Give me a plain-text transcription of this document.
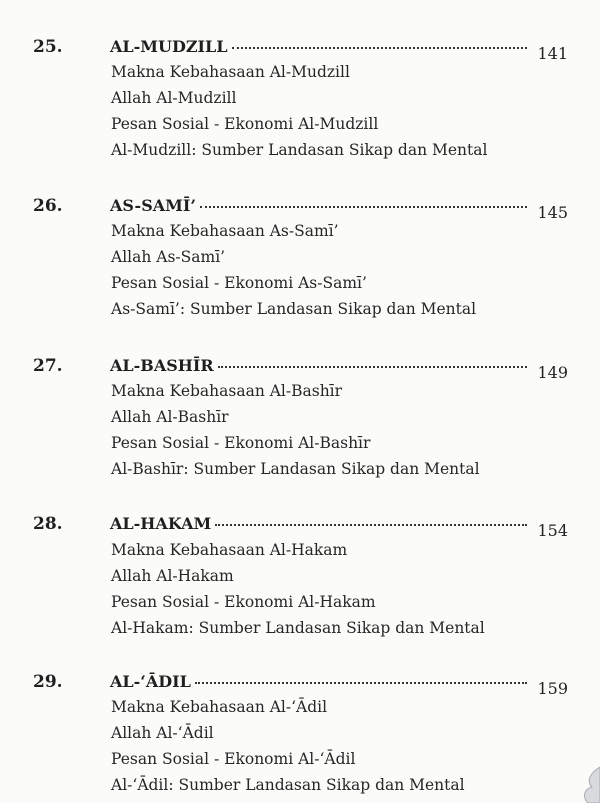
25.	AL-MUDZILL	141
Makna Kebahasaan Al-Mudzill
Allah Al-Mudzill
Pesan Sosial - Ekonomi Al-Mudzill
Al-Mudzill: Sumber Landasan Sikap dan Mental
26.	AS-SAMĪ’	145
Makna Kebahasaan As-Samī’
Allah As-Samī’
Pesan Sosial - Ekonomi As-Samī’
As-Samī’: Sumber Landasan Sikap dan Mental
27.	AL-BASHĪR	149
Makna Kebahasaan Al-Bashīr
Allah Al-Bashīr
Pesan Sosial - Ekonomi Al-Bashīr
Al-Bashīr: Sumber Landasan Sikap dan Mental
28.	AL-HAKAM	154
Makna Kebahasaan Al-Hakam
Allah Al-Hakam
Pesan Sosial - Ekonomi Al-Hakam
Al-Hakam: Sumber Landasan Sikap dan Mental
29.	AL-‘ĀDIL	159
Makna Kebahasaan Al-‘Ādil
Allah Al-‘Ādil
Pesan Sosial - Ekonomi Al-‘Ādil
Al-‘Ādil: Sumber Landasan Sikap dan Mental
